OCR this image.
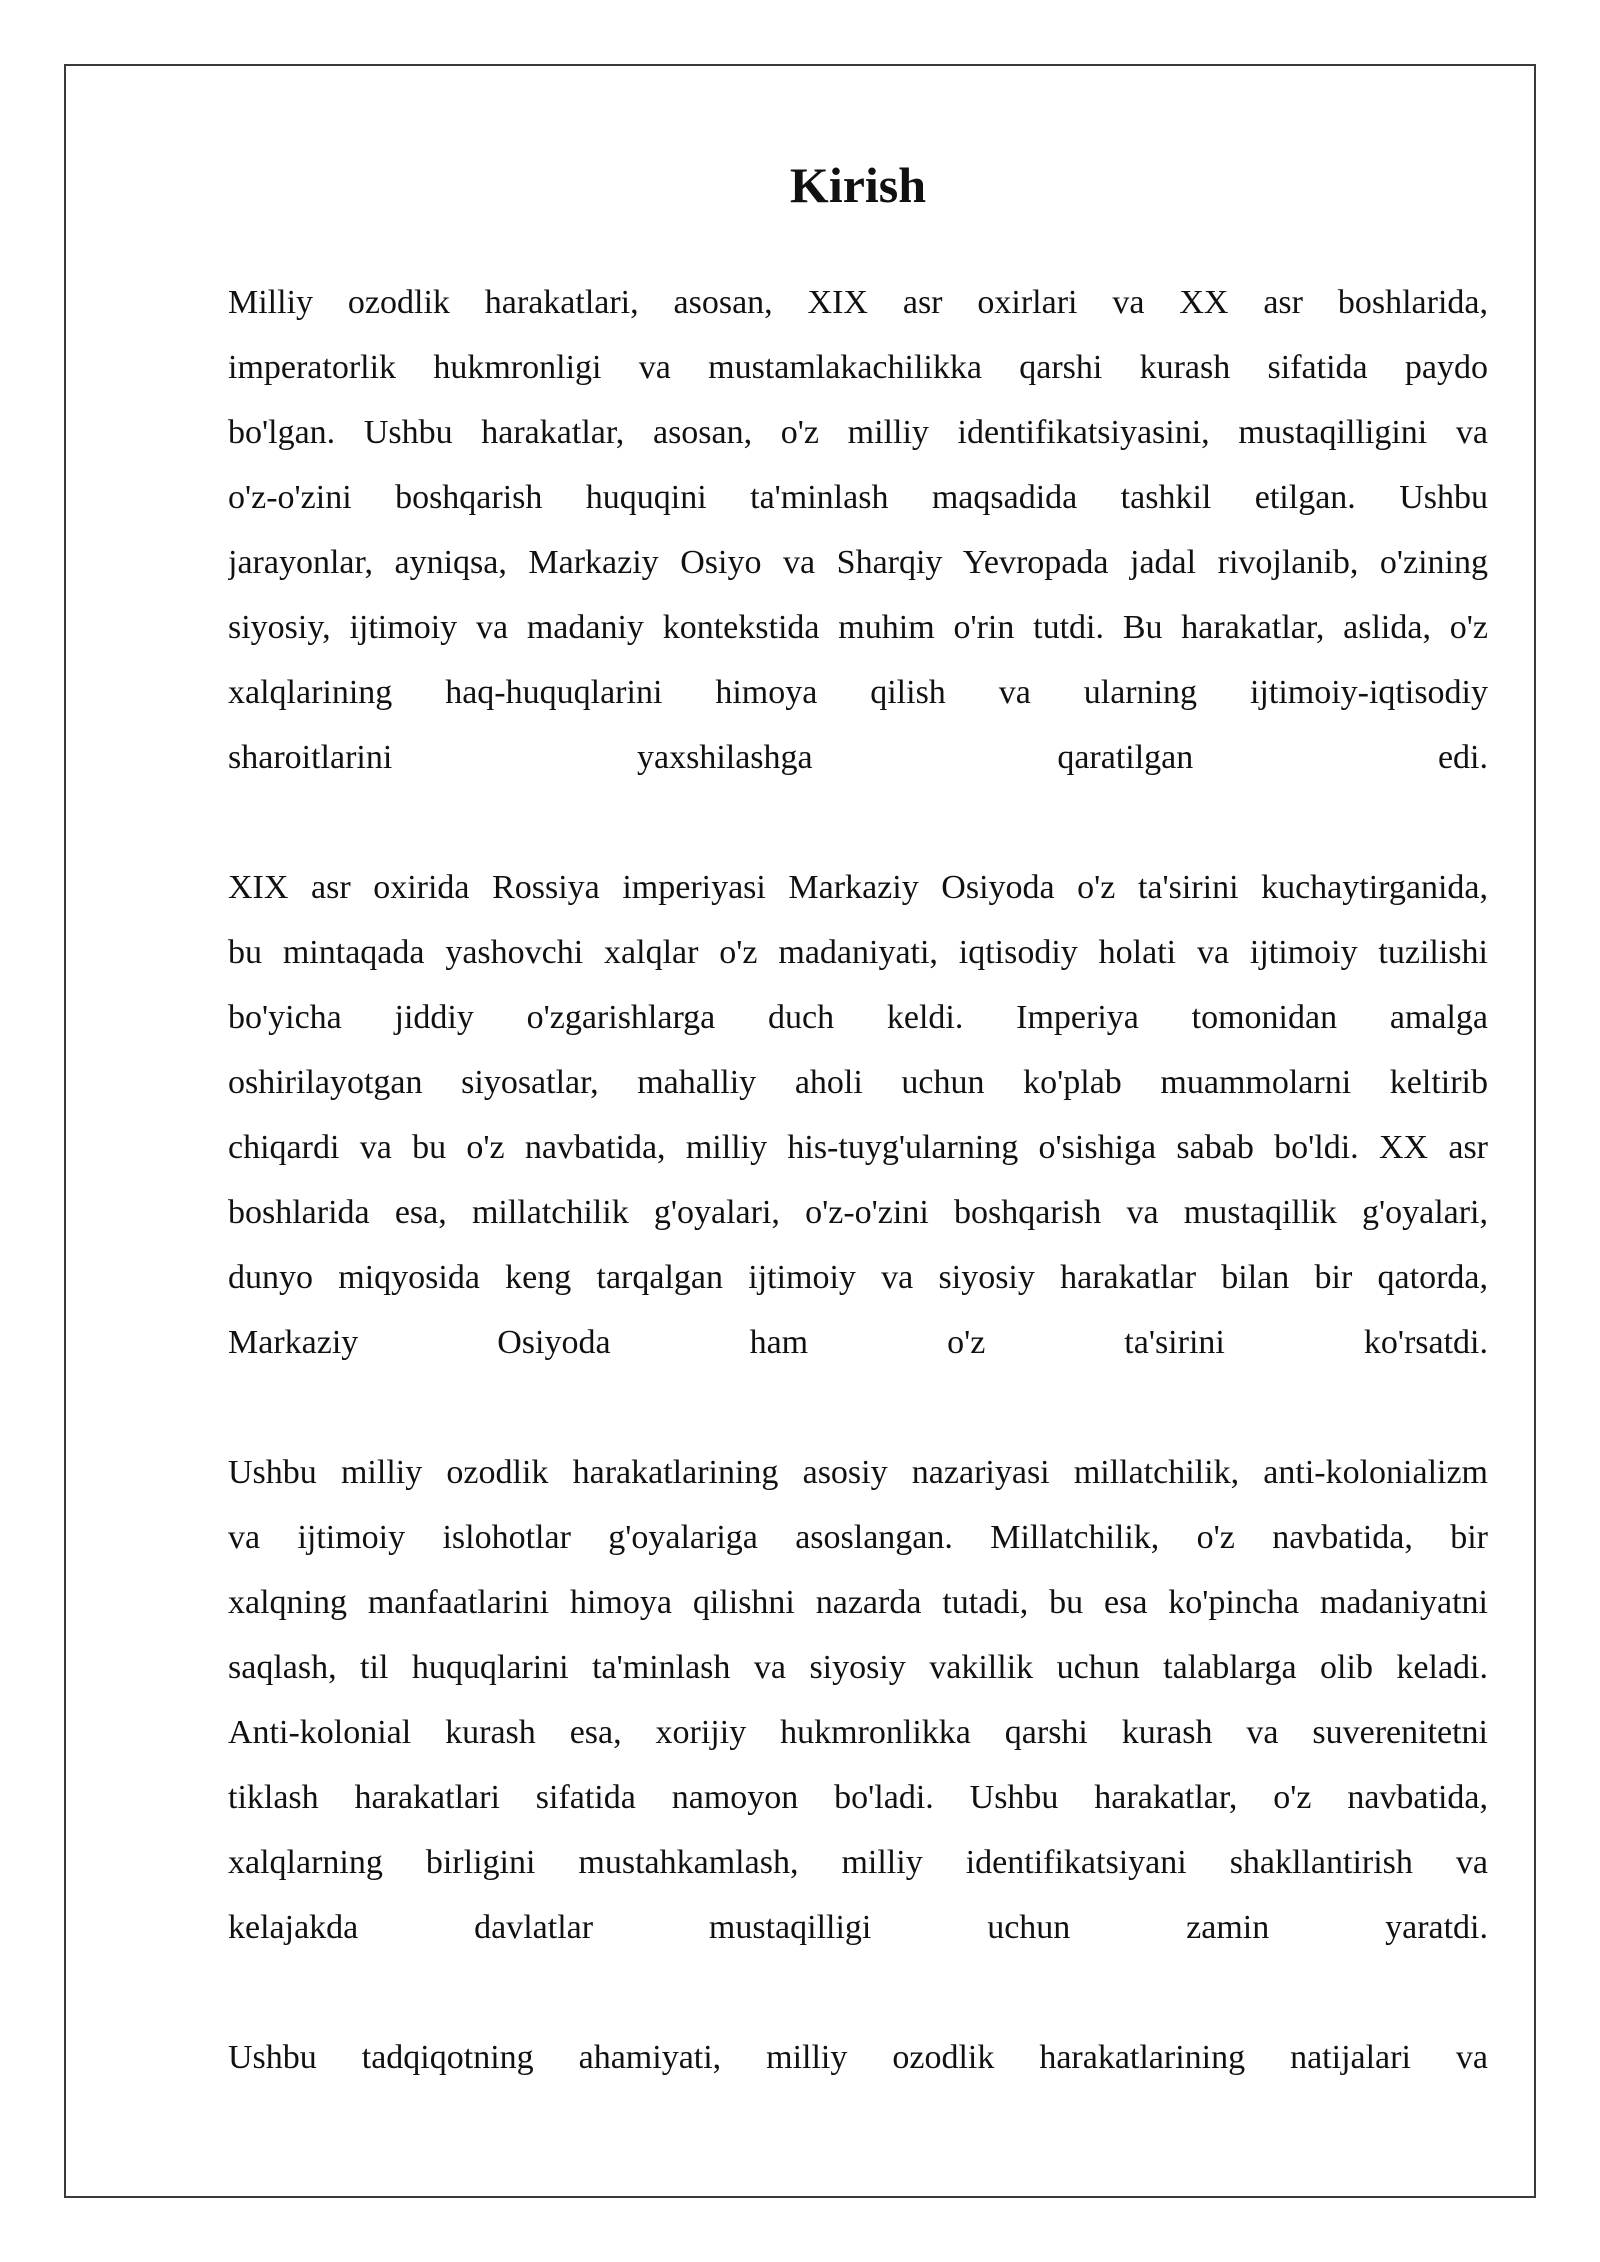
Kirish
Milliy ozodlik harakatlari, asosan, XIX asr oxirlari va XX asr boshlarida,
imperatorlik hukmronligi va mustamlakachilikka qarshi kurash sifatida paydo
bo'lgan. Ushbu harakatlar, asosan, o'z milliy identifikatsiyasini, mustaqilligini va
o'z-o'zini boshqarish huquqini ta'minlash maqsadida tashkil etilgan. Ushbu
jarayonlar, ayniqsa, Markaziy Osiyo va Sharqiy Yevropada jadal rivojlanib, o'zining
siyosiy, ijtimoiy va madaniy kontekstida muhim o'rin tutdi. Bu harakatlar, aslida, o'z
xalqlarining haq-huquqlarini himoya qilish va ularning ijtimoiy-iqtisodiy
sharoitlarini yaxshilashga qaratilgan edi.
XIX asr oxirida Rossiya imperiyasi Markaziy Osiyoda o'z ta'sirini kuchaytirganida,
bu mintaqada yashovchi xalqlar o'z madaniyati, iqtisodiy holati va ijtimoiy tuzilishi
bo'yicha jiddiy o'zgarishlarga duch keldi. Imperiya tomonidan amalga
oshirilayotgan siyosatlar, mahalliy aholi uchun ko'plab muammolarni keltirib
chiqardi va bu o'z navbatida, milliy his-tuyg'ularning o'sishiga sabab bo'ldi. XX asr
boshlarida esa, millatchilik g'oyalari, o'z-o'zini boshqarish va mustaqillik g'oyalari,
dunyo miqyosida keng tarqalgan ijtimoiy va siyosiy harakatlar bilan bir qatorda,
Markaziy Osiyoda ham o'z ta'sirini ko'rsatdi.
Ushbu milliy ozodlik harakatlarining asosiy nazariyasi millatchilik, anti-kolonializm
va ijtimoiy islohotlar g'oyalariga asoslangan. Millatchilik, o'z navbatida, bir
xalqning manfaatlarini himoya qilishni nazarda tutadi, bu esa ko'pincha madaniyatni
saqlash, til huquqlarini ta'minlash va siyosiy vakillik uchun talablarga olib keladi.
Anti-kolonial kurash esa, xorijiy hukmronlikka qarshi kurash va suverenitetni
tiklash harakatlari sifatida namoyon bo'ladi. Ushbu harakatlar, o'z navbatida,
xalqlarning birligini mustahkamlash, milliy identifikatsiyani shakllantirish va
kelajakda davlatlar mustaqilligi uchun zamin yaratdi.
Ushbu tadqiqotning ahamiyati, milliy ozodlik harakatlarining natijalari va
